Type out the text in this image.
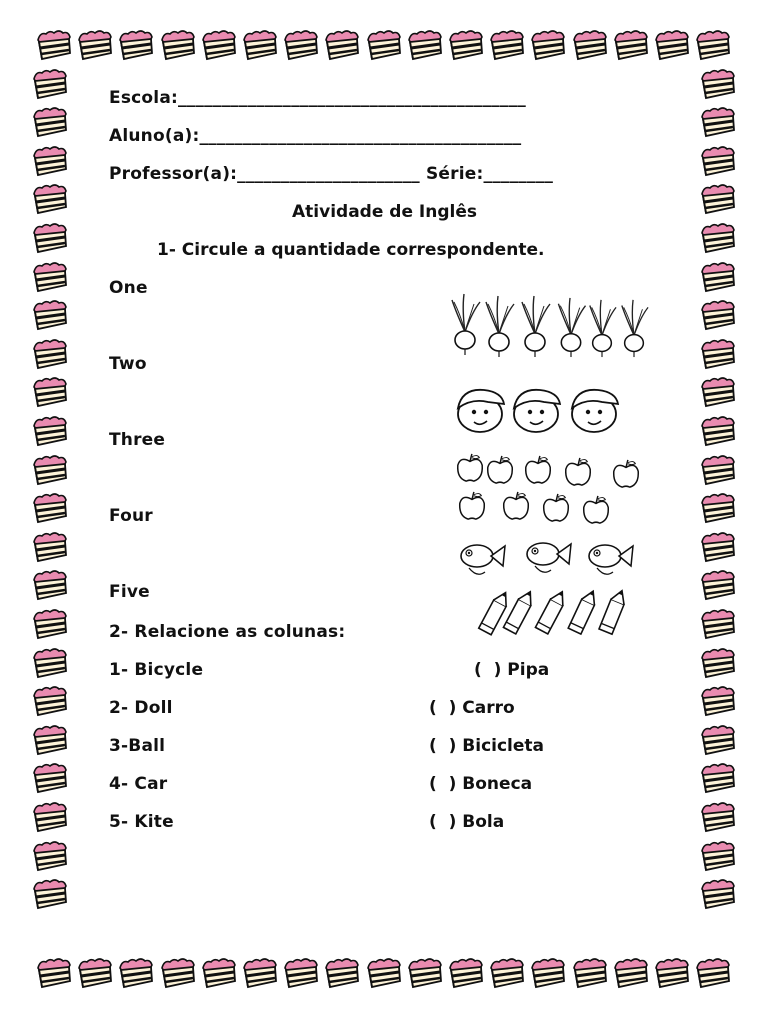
Escola:________________________________________
Aluno(a):_____________________________________
Professor(a):_____________________ Série:________
Atividade de Inglês
1- Circule a quantidade correspondente.
One
Two
Three
Four
Five
2- Relacione as colunas:
1- Bicycle
2- Doll
3-Ball
4- Car
5- Kite
(  ) Pipa
(  ) Carro
(  ) Bicicleta
(  ) Boneca
(  ) Bola
